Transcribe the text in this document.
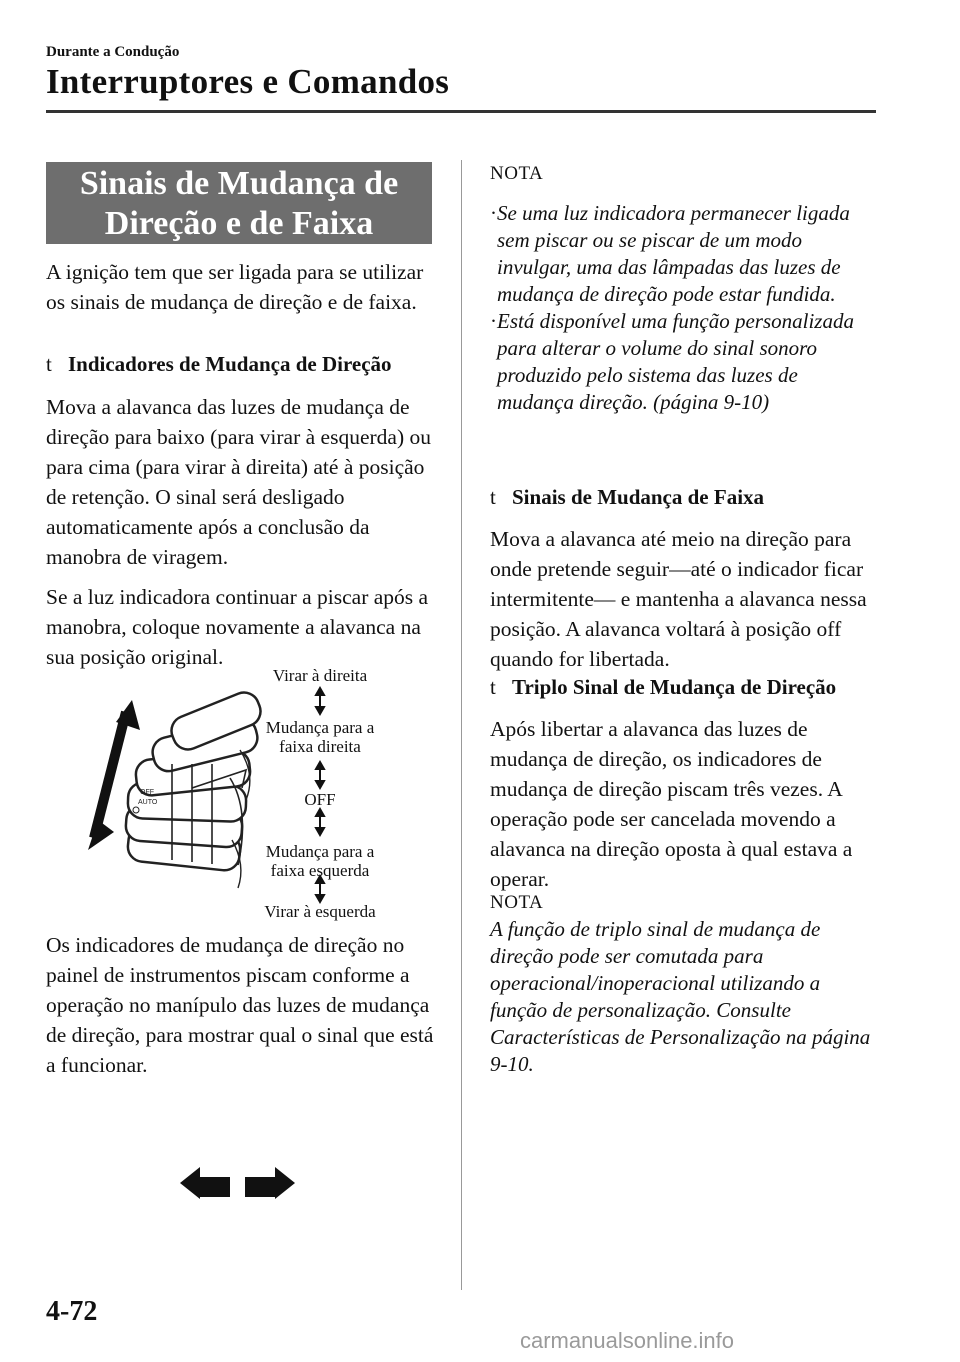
Durante a Condução
Interruptores e Comandos
Sinais de Mudança de
Direção e de Faixa

A ignição tem que ser ligada para se utilizar os sinais de mudança de direção e de faixa.

t Indicadores de Mudança de Direção

Mova a alavanca das luzes de mudança de direção para baixo (para virar à esquerda) ou para cima (para virar à direita) até à posição de retenção. O sinal será desligado automaticamente após a conclusão da manobra de viragem.

Se a luz indicadora continuar a piscar após a manobra, coloque novamente a alavanca na sua posição original.

OFF
AUTO
Virar à direita
Mudança para a
faixa direita
OFF
Mudança para a
faixa esquerda
Virar à esquerda

Os indicadores de mudança de direção no painel de instrumentos piscam conforme a operação no manípulo das luzes de mudança de direção, para mostrar qual o sinal que está a funcionar.

NOTA
· Se uma luz indicadora permanecer ligada sem piscar ou se piscar de um modo invulgar, uma das lâmpadas das luzes de mudança de direção pode estar fundida.
· Está disponível uma função personalizada para alterar o volume do sinal sonoro produzido pelo sistema das luzes de mudança direção. (página 9-10)
t Sinais de Mudança de Faixa

Mova a alavanca até meio na direção para onde pretende seguir—até o indicador ficar intermitente— e mantenha a alavanca nessa posição. A alavanca voltará à posição off quando for libertada.

t Triplo Sinal de Mudança de Direção

Após libertar a alavanca das luzes de mudança de direção, os indicadores de mudança de direção piscam três vezes. A operação pode ser cancelada movendo a alavanca na direção oposta à qual estava a operar.

NOTA

A função de triplo sinal de mudança de direção pode ser comutada para operacional/inoperacional utilizando a função de personalização. Consulte Características de Personalização na página 9-10.

4-72
carmanualsonline.info
